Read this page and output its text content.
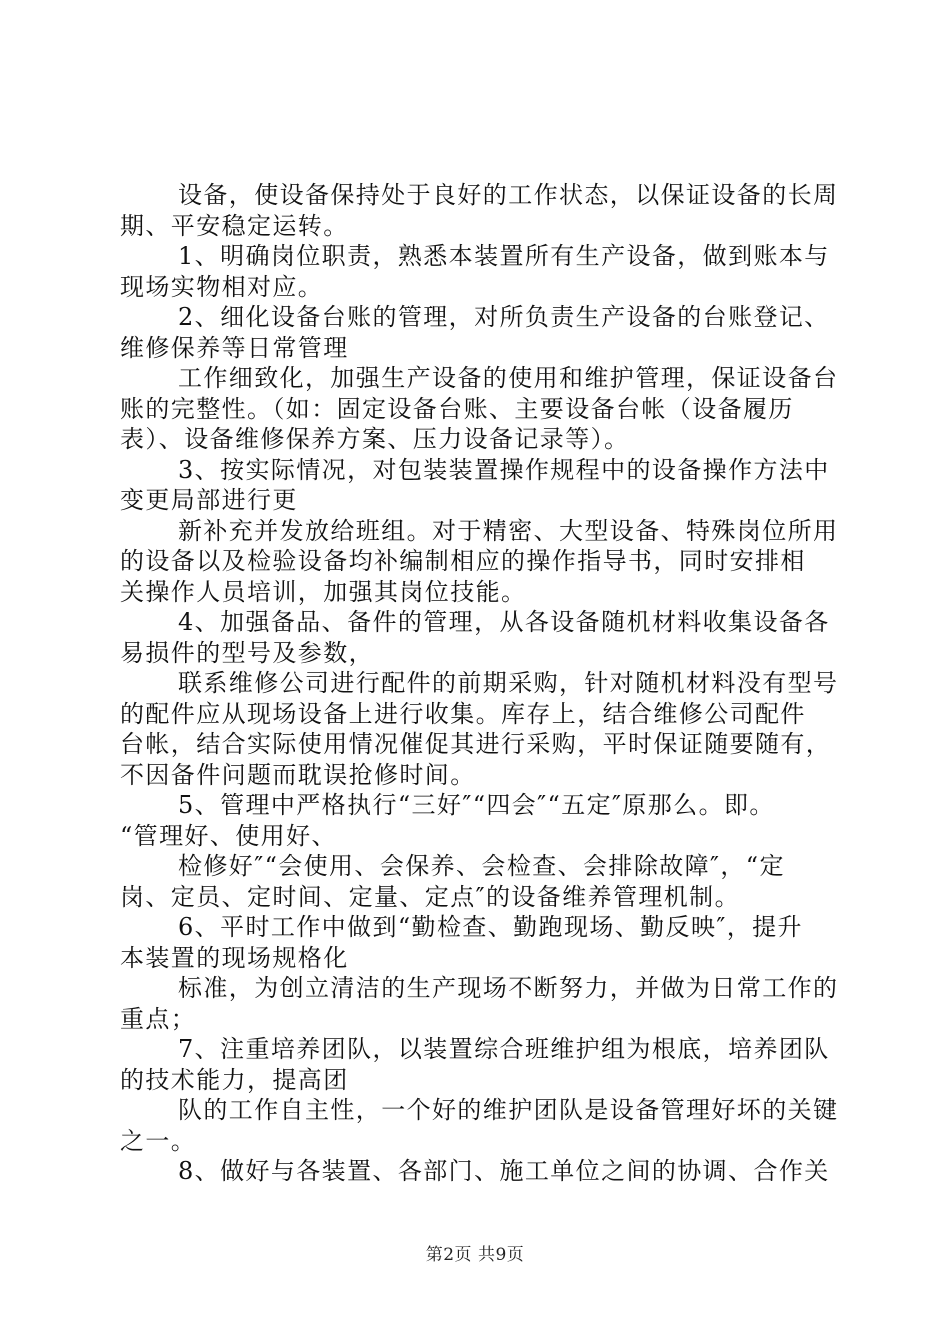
设备，使设备保持处于良好的工作状态，以保证设备的长周
期、平安稳定运转。
1、明确岗位职责，熟悉本装置所有生产设备，做到账本与
现场实物相对应。
2、细化设备台账的管理，对所负责生产设备的台账登记、
维修保养等日常管理
工作细致化，加强生产设备的使用和维护管理，保证设备台
账的完整性。（如：固定设备台账、主要设备台帐（设备履历
表）、设备维修保养方案、压力设备记录等）。
3、按实际情况，对包装装置操作规程中的设备操作方法中
变更局部进行更
新补充并发放给班组。对于精密、大型设备、特殊岗位所用
的设备以及检验设备均补编制相应的操作指导书，同时安排相
关操作人员培训，加强其岗位技能。
4、加强备品、备件的管理，从各设备随机材料收集设备各
易损件的型号及参数，
联系维修公司进行配件的前期采购，针对随机材料没有型号
的配件应从现场设备上进行收集。库存上，结合维修公司配件
台帐，结合实际使用情况催促其进行采购，平时保证随要随有，
不因备件问题而耽误抢修时间。
5、管理中严格执行“三好″“四会″“五定″原那么。即。
“管理好、使用好、
检修好″“会使用、会保养、会检查、会排除故障″，“定
岗、定员、定时间、定量、定点″的设备维养管理机制。
6、平时工作中做到“勤检查、勤跑现场、勤反映″，提升
本装置的现场规格化
标准，为创立清洁的生产现场不断努力，并做为日常工作的
重点；
7、注重培养团队，以装置综合班维护组为根底，培养团队
的技术能力，提高团
队的工作自主性，一个好的维护团队是设备管理好坏的关键
之一。
8、做好与各装置、各部门、施工单位之间的协调、合作关
第2页 共9页
